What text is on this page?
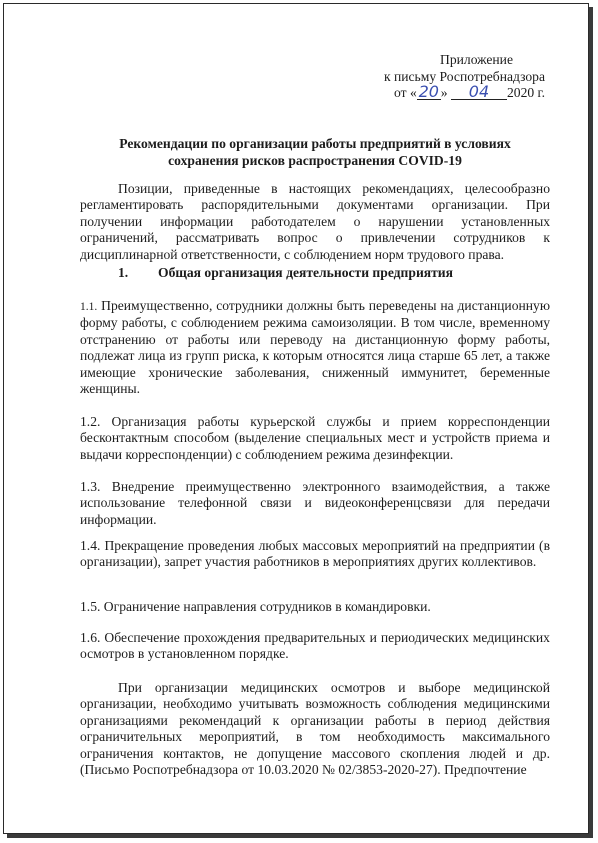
Приложение
к письму Роспотребнадзора
от « 20 » 04 2020 г.
Рекомендации по организации работы предприятий в условиях
сохранения рисков распространения COVID-19
Позиции, приведенные в настоящих рекомендациях, целесообразно регламентировать распорядительными документами организации. При получении информации работодателем о нарушении установленных ограничений, рассматривать вопрос о привлечении сотрудников к дисциплинарной ответственности, с соблюдением норм трудового права.
1. Общая организация деятельности предприятия
1.1. Преимущественно, сотрудники должны быть переведены на дистанционную форму работы, с соблюдением режима самоизоляции. В том числе, временному отстранению от работы или переводу на дистанционную форму работы, подлежат лица из групп риска, к которым относятся лица старше 65 лет, а также имеющие хронические заболевания, сниженный иммунитет, беременные женщины.
1.2. Организация работы курьерской службы и прием корреспонденции бесконтактным способом (выделение специальных мест и устройств приема и выдачи корреспонденции) с соблюдением режима дезинфекции.
1.3. Внедрение преимущественно электронного взаимодействия, а также использование телефонной связи и видеоконференцсвязи для передачи информации.
1.4. Прекращение проведения любых массовых мероприятий на предприятии (в организации), запрет участия работников в мероприятиях других коллективов.
1.5. Ограничение направления сотрудников в командировки.
1.6. Обеспечение прохождения предварительных и периодических медицинских осмотров в установленном порядке.
При организации медицинских осмотров и выборе медицинской организации, необходимо учитывать возможность соблюдения медицинскими организациями рекомендаций к организации работы в период действия ограничительных мероприятий, в том необходимость максимального ограничения контактов, не допущение массового скопления людей и др. (Письмо Роспотребнадзора от 10.03.2020 № 02/3853-2020-27). Предпочтение
